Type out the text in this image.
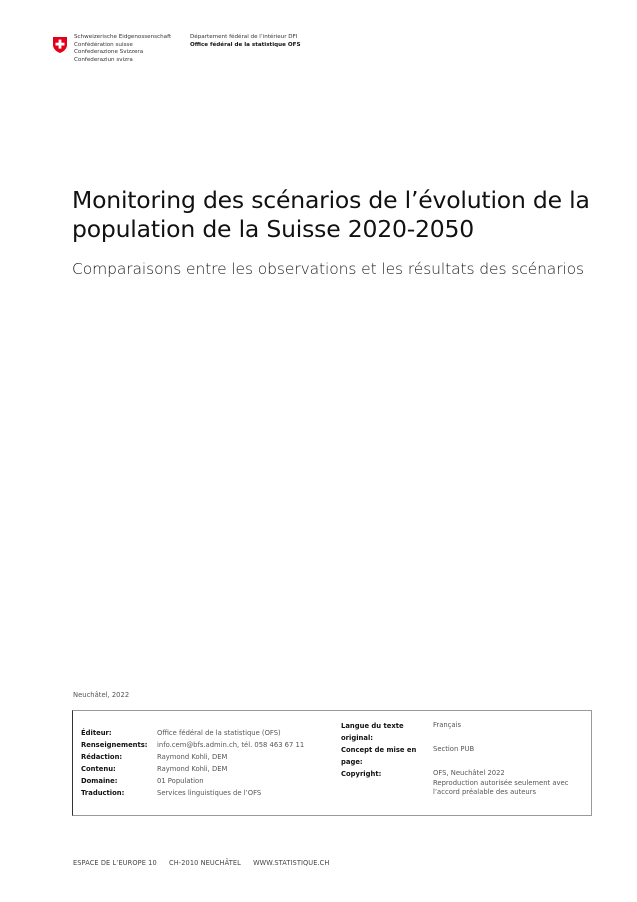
Schweizerische Eidgenossenschaft
Confédération suisse
Confederazione Svizzera
Confederaziun svizra
Département fédéral de l’intérieur DFI
Office fédéral de la statistique OFS
Monitoring des scénarios de l’évolution de la
population de la Suisse 2020-2050
Comparaisons entre les observations et les résultats des scénarios
Neuchâtel, 2022
Éditeur:	Office fédéral de la statistique (OFS)
Renseignements:	info.cem@bfs.admin.ch, tél. 058 463 67 11
Rédaction:	Raymond Kohli, DEM
Contenu:	Raymond Kohli, DEM
Domaine:	01 Population
Traduction:	Services linguistiques de l’OFS
Langue du texte original:
Français
Concept de mise en page:
Section PUB
Copyright:	OFS, Neuchâtel 2022
Reproduction autorisée seulement avec l’accord préalable des auteurs
ESPACE DE L’EUROPE 10 CH-2010 NEUCHÂTEL WWW.STATISTIQUE.CH
